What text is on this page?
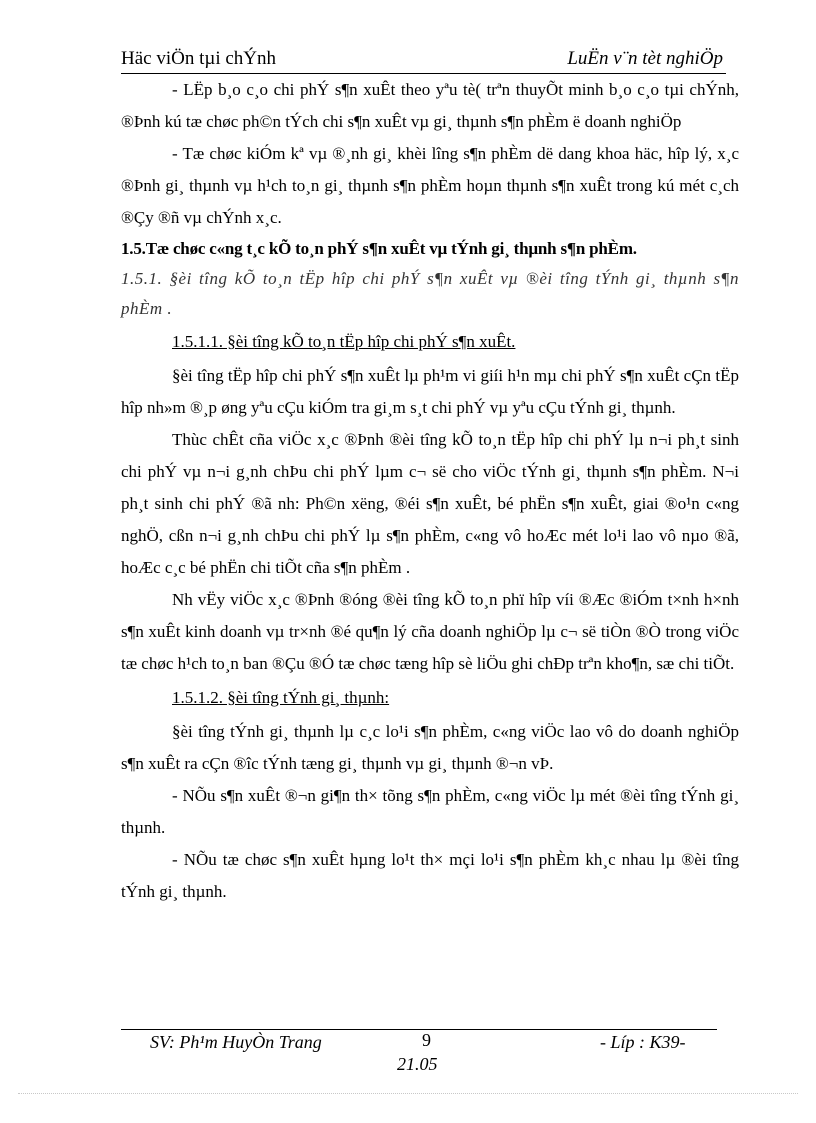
Häc viÖn tµi chÝnh	LuËn v¨n tèt nghiÖp

- LËp b¸o c¸o chi phÝ s¶n xuÊt theo yªu tè( trªn thuyÕt minh b¸o c¸o tµi chÝnh, ®Þnh kú tæ chøc ph©n tÝch chi s¶n xuÊt vµ gi¸ thµnh s¶n phÈm ë doanh nghiÖp

- Tæ chøc kiÓm kª vµ ®¸nh gi¸ khèi lîng s¶n phÈm dë dang khoa häc, hîp lý, x¸c ®Þnh gi¸ thµnh vµ h¹ch to¸n gi¸ thµnh s¶n phÈm hoµn thµnh s¶n xuÊt trong kú mét c¸ch ®Çy ®ñ vµ chÝnh x¸c.

1.5.Tæ chøc c«ng t¸c kÕ to¸n phÝ s¶n xuÊt vµ tÝnh gi¸ thµnh s¶n phÈm.

1.5.1. §èi tîng kÕ to¸n tËp hîp chi phÝ s¶n xuÊt vµ ®èi tîng tÝnh gi¸ thµnh s¶n phÈm .

1.5.1.1. §èi tîng kÕ to¸n tËp hîp chi phÝ s¶n xuÊt.

§èi tîng tËp hîp chi phÝ s¶n xuÊt lµ ph¹m vi giíi h¹n mµ chi phÝ s¶n xuÊt cÇn tËp hîp nh»m ®¸p øng yªu cÇu kiÓm tra gi¸m s¸t chi phÝ vµ yªu cÇu tÝnh gi¸ thµnh.

Thùc chÊt cña viÖc x¸c ®Þnh ®èi tîng kÕ to¸n tËp hîp chi phÝ lµ n¬i ph¸t sinh chi phÝ vµ n¬i g¸nh chÞu chi phÝ lµm c¬ së cho viÖc tÝnh gi¸ thµnh s¶n phÈm. N¬i ph¸t sinh chi phÝ ®ã nh: Ph©n xëng, ®éi s¶n xuÊt, bé phËn s¶n xuÊt, giai ®o¹n c«ng nghÖ, cßn n¬i g¸nh chÞu chi phÝ lµ s¶n phÈm, c«ng vô hoÆc mét lo¹i lao vô nµo ®ã, hoÆc c¸c bé phËn chi tiÕt cña s¶n phÈm .

Nh vËy viÖc x¸c ®Þnh ®óng ®èi tîng kÕ to¸n phï hîp víi ®Æc ®iÓm t×nh h×nh s¶n xuÊt kinh doanh vµ tr×nh ®é qu¶n lý cña doanh nghiÖp lµ c¬ së tiÒn ®Ò trong viÖc tæ chøc h¹ch to¸n ban ®Çu ®Ó tæ chøc tæng hîp sè liÖu ghi chÐp trªn kho¶n, sæ chi tiÕt.

1.5.1.2. §èi tîng tÝnh gi¸ thµnh:

§èi tîng tÝnh gi¸ thµnh lµ c¸c lo¹i s¶n phÈm, c«ng viÖc lao vô do doanh nghiÖp s¶n xuÊt ra cÇn ®îc tÝnh tæng gi¸ thµnh vµ gi¸ thµnh ®¬n vÞ.

- NÕu s¶n xuÊt ®¬n gi¶n th× tõng s¶n phÈm, c«ng viÖc lµ mét ®èi tîng tÝnh gi¸ thµnh.

- NÕu tæ chøc s¶n xuÊt hµng lo¹t th× mçi lo¹i s¶n phÈm kh¸c nhau lµ ®èi tîng tÝnh gi¸ thµnh.

SV: Ph¹m HuyÒn Trang	9	- Líp : K39-
21.05
